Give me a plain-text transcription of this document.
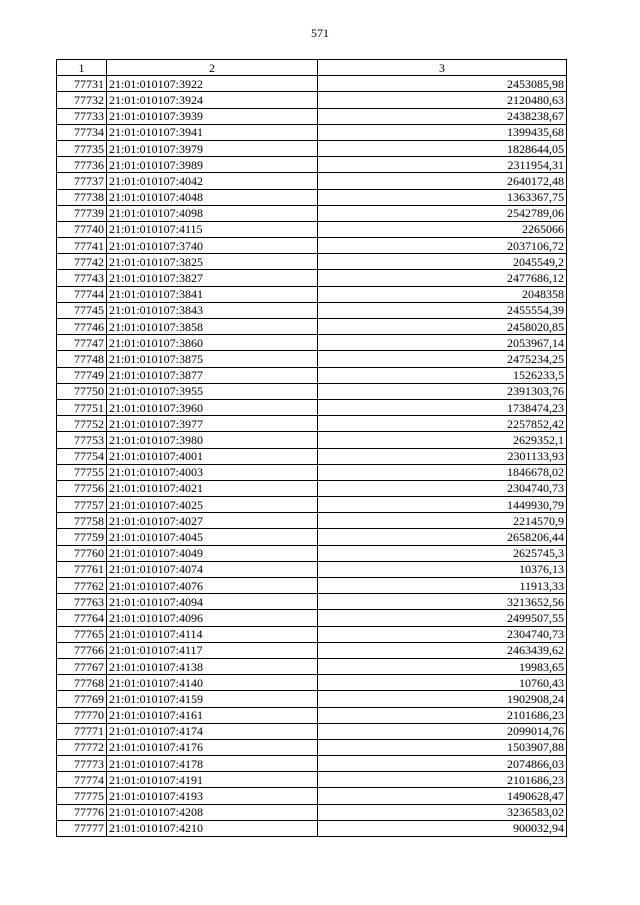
571
1	2	3
77731	21:01:010107:3922	2453085,98
77732	21:01:010107:3924	2120480,63
77733	21:01:010107:3939	2438238,67
77734	21:01:010107:3941	1399435,68
77735	21:01:010107:3979	1828644,05
77736	21:01:010107:3989	2311954,31
77737	21:01:010107:4042	2640172,48
77738	21:01:010107:4048	1363367,75
77739	21:01:010107:4098	2542789,06
77740	21:01:010107:4115	2265066
77741	21:01:010107:3740	2037106,72
77742	21:01:010107:3825	2045549,2
77743	21:01:010107:3827	2477686,12
77744	21:01:010107:3841	2048358
77745	21:01:010107:3843	2455554,39
77746	21:01:010107:3858	2458020,85
77747	21:01:010107:3860	2053967,14
77748	21:01:010107:3875	2475234,25
77749	21:01:010107:3877	1526233,5
77750	21:01:010107:3955	2391303,76
77751	21:01:010107:3960	1738474,23
77752	21:01:010107:3977	2257852,42
77753	21:01:010107:3980	2629352,1
77754	21:01:010107:4001	2301133,93
77755	21:01:010107:4003	1846678,02
77756	21:01:010107:4021	2304740,73
77757	21:01:010107:4025	1449930,79
77758	21:01:010107:4027	2214570,9
77759	21:01:010107:4045	2658206,44
77760	21:01:010107:4049	2625745,3
77761	21:01:010107:4074	10376,13
77762	21:01:010107:4076	11913,33
77763	21:01:010107:4094	3213652,56
77764	21:01:010107:4096	2499507,55
77765	21:01:010107:4114	2304740,73
77766	21:01:010107:4117	2463439,62
77767	21:01:010107:4138	19983,65
77768	21:01:010107:4140	10760,43
77769	21:01:010107:4159	1902908,24
77770	21:01:010107:4161	2101686,23
77771	21:01:010107:4174	2099014,76
77772	21:01:010107:4176	1503907,88
77773	21:01:010107:4178	2074866,03
77774	21:01:010107:4191	2101686,23
77775	21:01:010107:4193	1490628,47
77776	21:01:010107:4208	3236583,02
77777	21:01:010107:4210	900032,94
